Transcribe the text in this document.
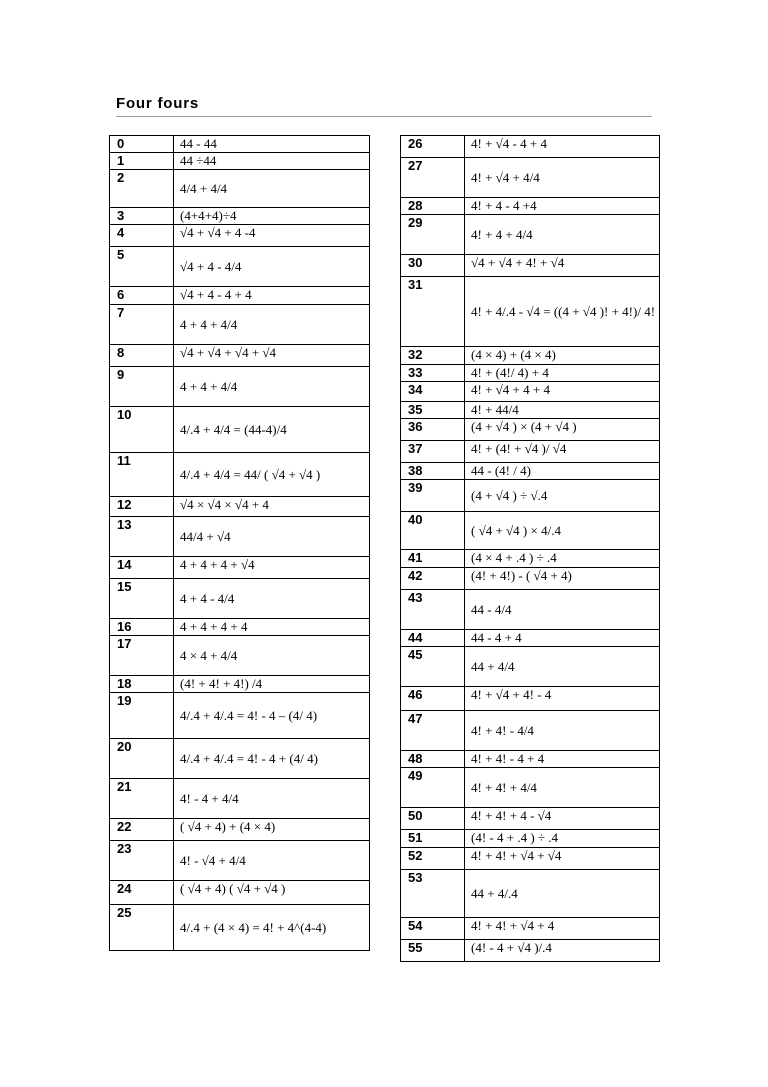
Four fours
0	44 - 44
1	44 ÷44
2	4/4 + 4/4
3	(4+4+4)÷4
4	√4 + √4 + 4 -4
5	√4 + 4 - 4/4
6	√4 + 4 - 4 + 4
7	4 + 4 + 4/4
8	√4 + √4 + √4 + √4
9	4 + 4 + 4/4
10	4/.4 + 4/4 = (44-4)/4
11	4/.4 + 4/4 = 44/ ( √4 + √4 )
12	√4 × √4 × √4 + 4
13	44/4 + √4
14	4 + 4 + 4 + √4
15	4 + 4 - 4/4
16	4 + 4 + 4 + 4
17	4 × 4 + 4/4
18	(4! + 4! + 4!) /4
19	4/.4 + 4/.4 = 4! - 4 – (4/ 4)
20	4/.4 + 4/.4 = 4! - 4 + (4/ 4)
21	4! - 4 + 4/4
22	( √4 + 4) + (4 × 4)
23	4! - √4 + 4/4
24	( √4 + 4) ( √4 + √4 )
25	4/.4 + (4 × 4) = 4! + 4^(4-4)
26	4! + √4 - 4 + 4
27	4! + √4 + 4/4
28	4! + 4 - 4 +4
29	4! + 4 + 4/4
30	√4 + √4 + 4! + √4
31	4! + 4/.4 - √4 = ((4 + √4 )! + 4!)/ 4!
32	(4 × 4) + (4 × 4)
33	4! + (4!/ 4) + 4
34	4! + √4 + 4 + 4
35	4! + 44/4
36	(4 + √4 ) × (4 + √4 )
37	4! + (4! + √4 )/ √4
38	44 - (4! / 4)
39	(4 + √4 ) ÷ √.4
40	( √4 + √4 ) × 4/.4
41	(4 × 4 + .4 ) ÷ .4
42	(4! + 4!) - ( √4 + 4)
43	44 - 4/4
44	44 - 4 + 4
45	44 + 4/4
46	4! + √4 + 4! - 4
47	4! + 4! - 4/4
48	4! + 4! - 4 + 4
49	4! + 4! + 4/4
50	4! + 4! + 4 - √4
51	(4! - 4 + .4 ) ÷ .4
52	4! + 4! + √4 + √4
53	44 + 4/.4
54	4! + 4! + √4 + 4
55	(4! - 4 + √4 )/.4
